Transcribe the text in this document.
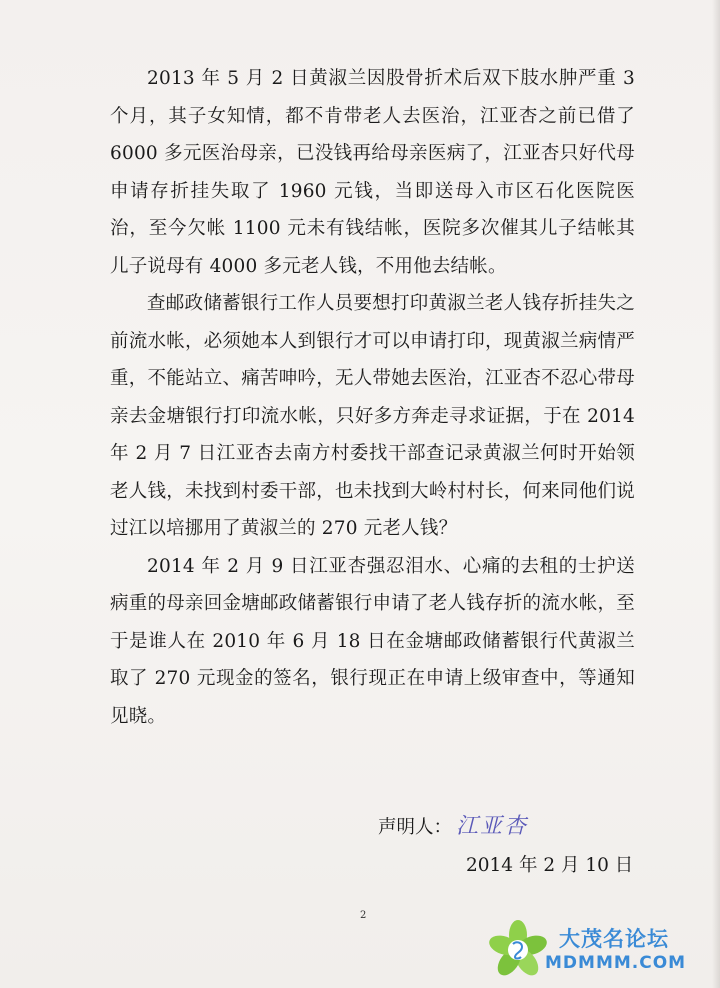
2013 年 5 月 2 日黄淑兰因股骨折术后双下肢水肿严重 3 个月，其子女知情，都不肯带老人去医治，江亚杏之前已借了 6000 多元医治母亲，已没钱再给母亲医病了，江亚杏只好代母申请存折挂失取了 1960 元钱，当即送母入市区石化医院医治，至今欠帐 1100 元未有钱结帐，医院多次催其儿子结帐其儿子说母有 4000 多元老人钱，不用他去结帐。

查邮政储蓄银行工作人员要想打印黄淑兰老人钱存折挂失之前流水帐，必须她本人到银行才可以申请打印，现黄淑兰病情严重，不能站立、痛苦呻吟，无人带她去医治，江亚杏不忍心带母亲去金塘银行打印流水帐，只好多方奔走寻求证据，于在 2014 年 2 月 7 日江亚杏去南方村委找干部查记录黄淑兰何时开始领老人钱，未找到村委干部，也未找到大岭村村长，何来同他们说过江以培挪用了黄淑兰的 270 元老人钱？

2014 年 2 月 9 日江亚杏强忍泪水、心痛的去租的士护送病重的母亲回金塘邮政储蓄银行申请了老人钱存折的流水帐，至于是谁人在 2010 年 6 月 18 日在金塘邮政储蓄银行代黄淑兰取了 270 元现金的签名，银行现正在申请上级审查中，等通知见晓。

声明人： 江亚杏
2014 年 2 月 10 日
2
大茂名论坛
MDMMM.COM
